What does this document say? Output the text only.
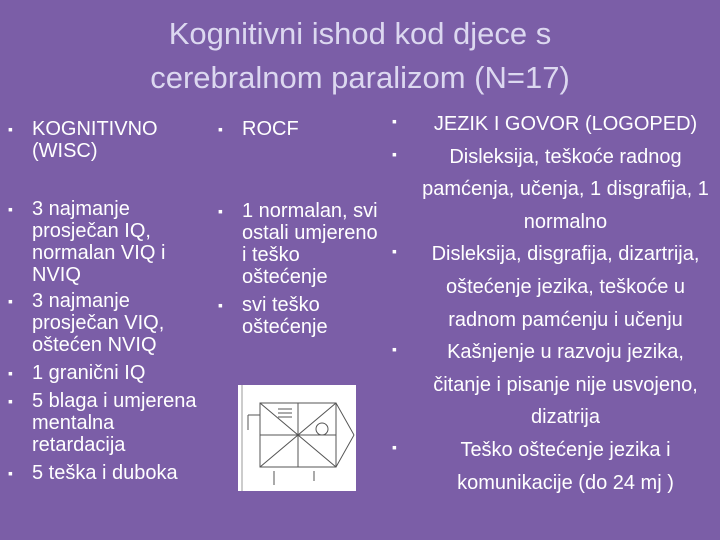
Kognitivni ishod kod djece s
cerebralnom paralizom (N=17)
▪ KOGNITIVNO
(WISC)
▪ 3 najmanje prosječan IQ, normalan VIQ i NVIQ
▪ 3 najmanje prosječan VIQ, oštećen NVIQ
▪ 1 granični IQ
▪ 5 blaga i umjerena mentalna retardacija
▪ 5 teška i duboka
▪ ROCF
▪ 1 normalan, svi ostali umjereno i teško oštećenje
▪ svi teško oštećenje
▪ JEZIK I GOVOR (LOGOPED)
▪	Disleksija, teškoće radnog pamćenja, učenja, 1 disgrafija, 1 normalno
▪ Disleksija, disgrafija, dizartrija, oštećenje jezika, teškoće u radnom pamćenju i učenju
▪	Kašnjenje u razvoju jezika, čitanje i pisanje nije usvojeno, dizatrija
▪	Teško oštećenje jezika i komunikacije (do 24 mj )
